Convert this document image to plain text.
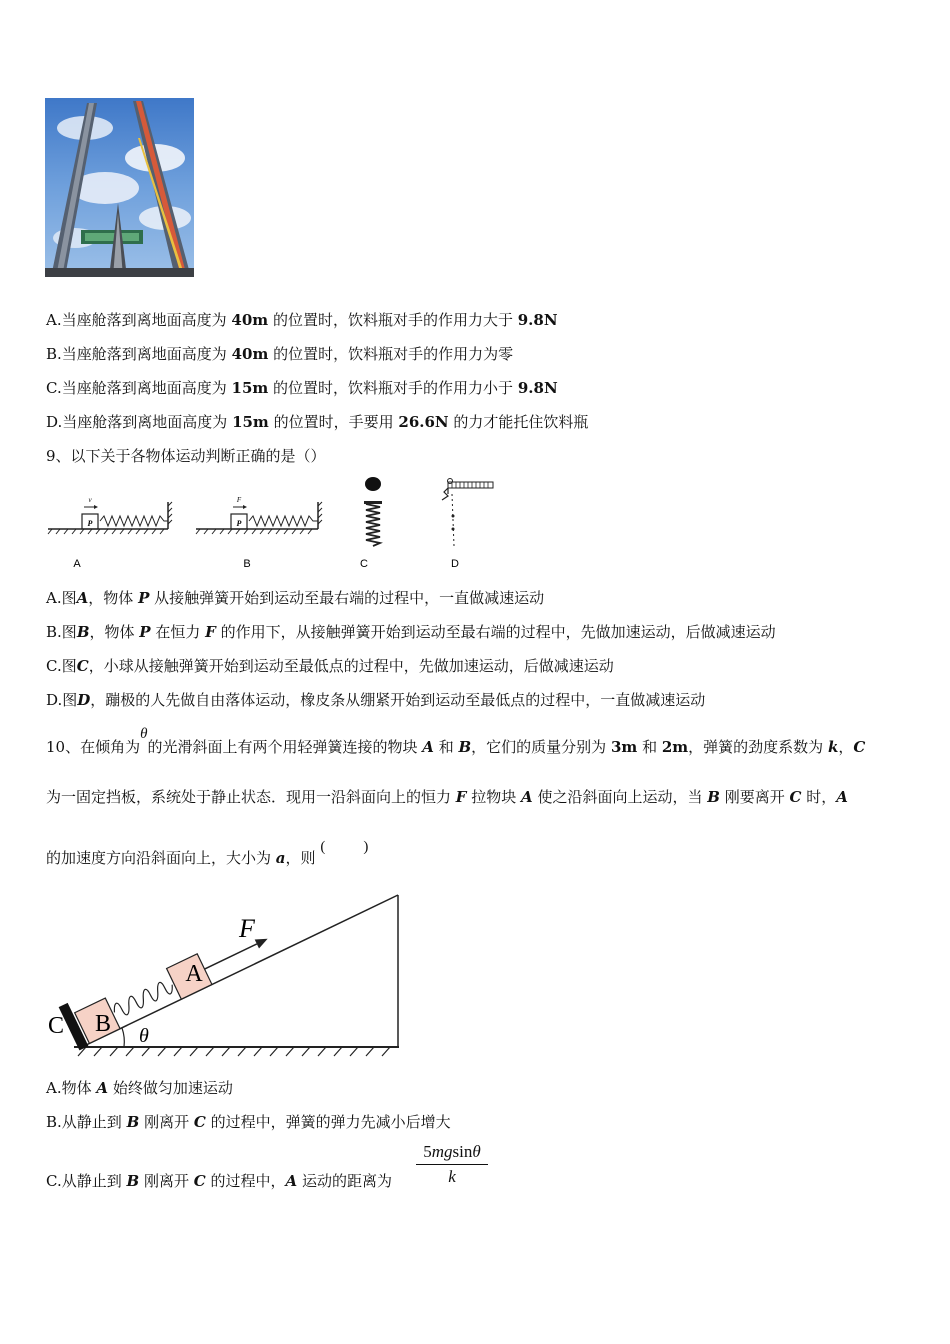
A.当座舱落到离地面高度为 40m 的位置时，饮料瓶对手的作用力大于 9.8N
B.当座舱落到离地面高度为 40m 的位置时，饮料瓶对手的作用力为零
C.当座舱落到离地面高度为 15m 的位置时，饮料瓶对手的作用力小于 9.8N
D.当座舱落到离地面高度为 15m 的位置时，手要用 26.6N 的力才能托住饮料瓶
9、以下关于各物体运动判断正确的是（）
P
v
A
P
F
B	C	D
A.图A，物体 P 从接触弹簧开始到运动至最右端的过程中，一直做减速运动
B.图B，物体 P 在恒力 F 的作用下，从接触弹簧开始到运动至最右端的过程中，先做加速运动，后做减速运动
C.图C，小球从接触弹簧开始到运动至最低点的过程中，先做加速运动，后做减速运动
D.图D，蹦极的人先做自由落体运动，橡皮条从绷紧开始到运动至最低点的过程中，一直做减速运动
10、在倾角为θ的光滑斜面上有两个用轻弹簧连接的物块 A 和 B，它们的质量分别为 3m 和 2m，弹簧的劲度系数为 k，C
为一固定挡板，系统处于静止状态．现用一沿斜面向上的恒力 F 拉物块 A 使之沿斜面向上运动，当 B 刚要离开 C 时，A
的加速度方向沿斜面向上，大小为 a，则 (	)
θ
B
A
C
F
A.物体 A 始终做匀加速运动
B.从静止到 B 刚离开 C 的过程中，弹簧的弹力先减小后增大
C.从静止到 B 刚离开 C 的过程中，A 运动的距离为 $\frac{5mgsin\theta}{k}$
